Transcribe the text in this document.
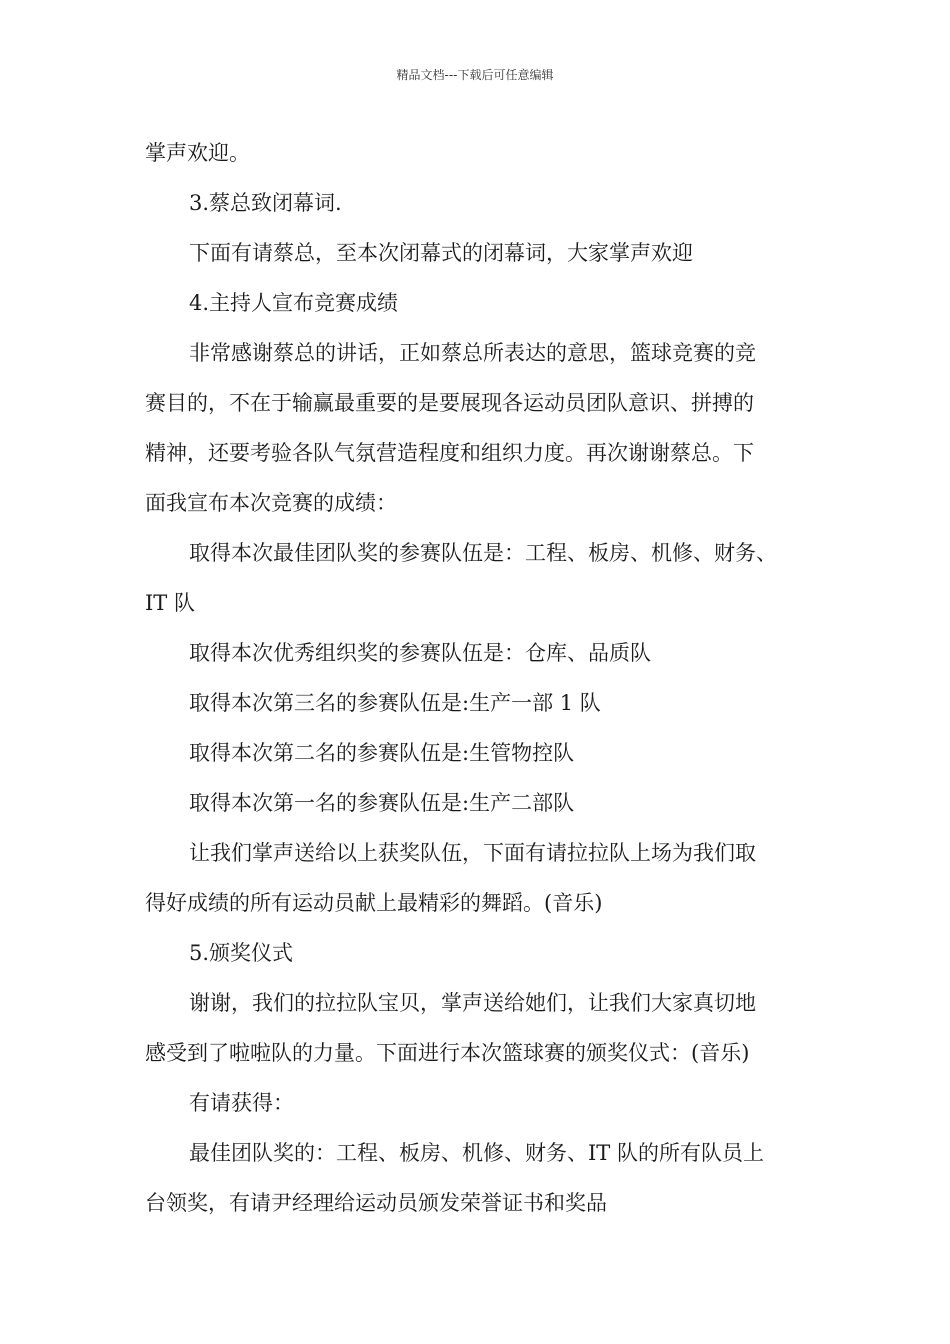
精品文档---下载后可任意编辑
掌声欢迎。
3.蔡总致闭幕词.
下面有请蔡总，至本次闭幕式的闭幕词，大家掌声欢迎
4.主持人宣布竞赛成绩
非常感谢蔡总的讲话，正如蔡总所表达的意思，篮球竞赛的竞
赛目的，不在于输赢最重要的是要展现各运动员团队意识、拼搏的
精神，还要考验各队气氛营造程度和组织力度。再次谢谢蔡总。下
面我宣布本次竞赛的成绩：
取得本次最佳团队奖的参赛队伍是：工程、板房、机修、财务、
IT 队
取得本次优秀组织奖的参赛队伍是：仓库、品质队
取得本次第三名的参赛队伍是:生产一部 1 队
取得本次第二名的参赛队伍是:生管物控队
取得本次第一名的参赛队伍是:生产二部队
让我们掌声送给以上获奖队伍，下面有请拉拉队上场为我们取
得好成绩的所有运动员献上最精彩的舞蹈。(音乐)
5.颁奖仪式
谢谢，我们的拉拉队宝贝，掌声送给她们，让我们大家真切地
感受到了啦啦队的力量。下面进行本次篮球赛的颁奖仪式：(音乐)
有请获得：
最佳团队奖的：工程、板房、机修、财务、IT 队的所有队员上
台领奖，有请尹经理给运动员颁发荣誉证书和奖品
